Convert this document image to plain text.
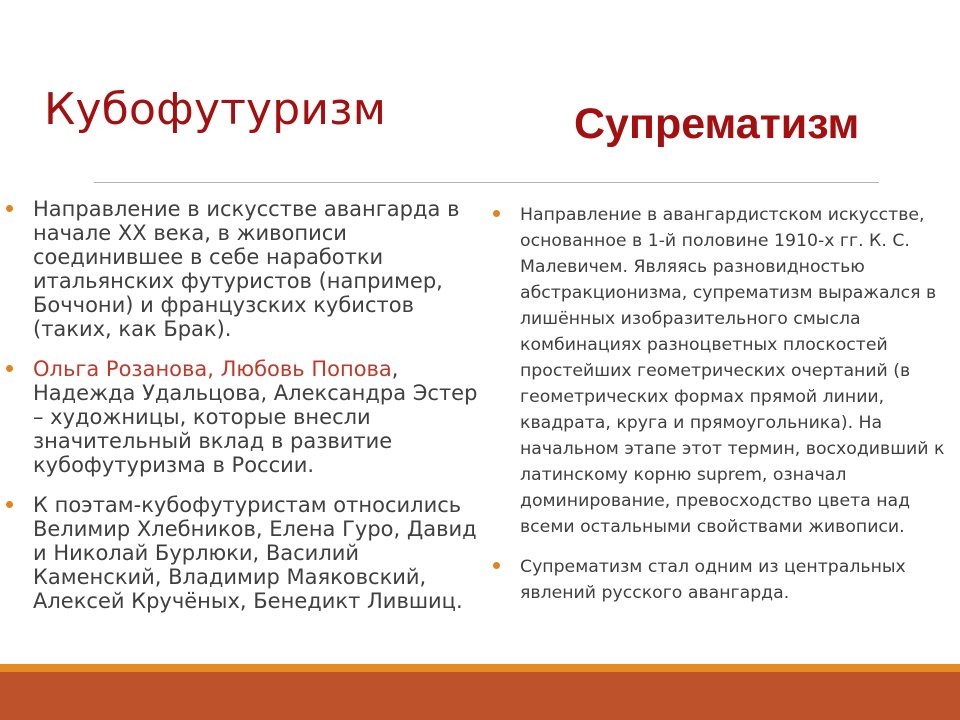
Кубофутуризм	Супрематизм
Направление в искусстве авангарда в начале XX века, в живописи соединившее в себе наработки итальянских футуристов (например, Боччони) и французских кубистов (таких, как Брак).
Ольга Розанова, Любовь Попова, Надежда Удальцова, Александра Эстер – художницы, которые внесли значительный вклад в развитие кубофутуризма в России.
К поэтам-кубофутуристам относились Велимир Хлебников, Елена Гуро, Давид и Николай Бурлюки, Василий Каменский, Владимир Маяковский, Алексей Кручёных, Бенедикт Лившиц.
Направление в авангардистском искусстве, основанное в 1-й половине 1910-х гг. К. С. Малевичем. Являясь разновидностью абстракционизма, супрематизм выражался в лишённых изобразительного смысла комбинациях разноцветных плоскостей простейших геометрических очертаний (в геометрических формах прямой линии, квадрата, круга и прямоугольника). На начальном этапе этот термин, восходивший к латинскому корню suprem, означал доминирование, превосходство цвета над всеми остальными свойствами живописи.
Супрематизм стал одним из центральных явлений русского авангарда.
